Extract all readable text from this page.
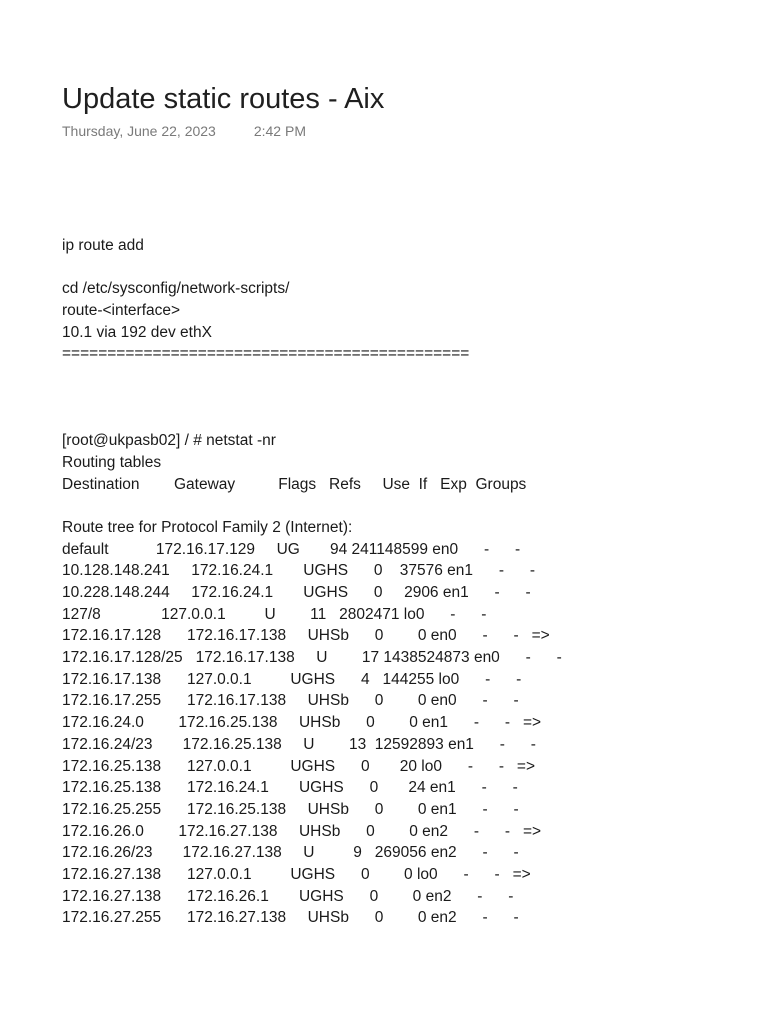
Update static routes - Aix
Thursday, June 22, 2023	2:42 PM
ip route add
cd /etc/sysconfig/network-scripts/
route-<interface>
10.1 via 192 dev ethX
=============================================
[root@ukpasb02] / # netstat -nr
Routing tables
Destination        Gateway          Flags   Refs     Use  If   Exp  Groups
Route tree for Protocol Family 2 (Internet):
default           172.16.17.129     UG       94 241148599 en0      -      -
10.128.148.241     172.16.24.1       UGHS      0    37576 en1      -      -
10.228.148.244     172.16.24.1       UGHS      0     2906 en1      -      -
127/8              127.0.0.1         U        11   2802471 lo0      -      -
172.16.17.128      172.16.17.138     UHSb      0        0 en0      -      -   =>
172.16.17.128/25   172.16.17.138     U        17 1438524873 en0      -      -
172.16.17.138      127.0.0.1         UGHS      4   144255 lo0      -      -
172.16.17.255      172.16.17.138     UHSb      0        0 en0      -      -
172.16.24.0        172.16.25.138     UHSb      0        0 en1      -      -   =>
172.16.24/23       172.16.25.138     U        13  12592893 en1      -      -
172.16.25.138      127.0.0.1         UGHS      0       20 lo0      -      -   =>
172.16.25.138      172.16.24.1       UGHS      0       24 en1      -      -
172.16.25.255      172.16.25.138     UHSb      0        0 en1      -      -
172.16.26.0        172.16.27.138     UHSb      0        0 en2      -      -   =>
172.16.26/23       172.16.27.138     U         9   269056 en2      -      -
172.16.27.138      127.0.0.1         UGHS      0        0 lo0      -      -   =>
172.16.27.138      172.16.26.1       UGHS      0        0 en2      -      -
172.16.27.255      172.16.27.138     UHSb      0        0 en2      -      -
